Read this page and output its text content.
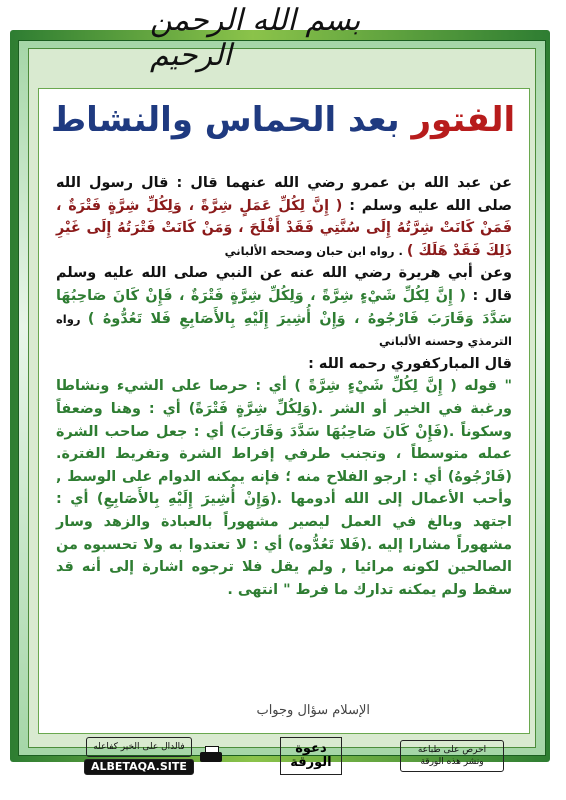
بسم الله الرحمن الرحيم
الفتور بعد الحماس والنشاط

عن عبد الله بن عمرو رضي الله عنهما قال : قال رسول الله صلى الله عليه وسلم : ( إِنَّ لِكُلِّ عَمَلٍ شِرَّةً ، وَلِكُلِّ شِرَّةٍ فَتْرَةٌ ، فَمَنْ كَانَتْ شِرَّتُهُ إِلَى سُنَّتِي فَقَدْ أَفْلَحَ ، وَمَنْ كَانَتْ فَتْرَتُهُ إِلَى غَيْرِ ذَلِكَ فَقَدْ هَلَكَ ) . رواه ابن حبان وصححه الألباني

وعن أبي هريرة رضي الله عنه عن النبي صلى الله عليه وسلم قال : ( إِنَّ لِكُلِّ شَيْءٍ شِرَّةً ، وَلِكُلِّ شِرَّةٍ فَتْرَةٌ ، فَإِنْ كَانَ صَاحِبُهَا سَدَّدَ وَقَارَبَ فَارْجُوهُ ، وَإِنْ أُشِيرَ إِلَيْهِ بِالأَصَابِعِ فَلا تَعُدُّوهُ ) رواه الترمذي وحسنه الألباني

قال المباركفوري رحمه الله :

" قوله ( إِنَّ لِكُلِّ شَيْءٍ شِرَّةً ) أي : حرصا على الشيء ونشاطا ورغبة في الخير أو الشر .(وَلِكُلِّ شِرَّةٍ فَتْرَةً) أي : وهنا وضعفاً وسكوناً .(فَإِنْ كَانَ صَاحِبُهَا سَدَّدَ وَقَارَبَ) أي : جعل صاحب الشرة عمله متوسطاً ، وتجنب طرفي إفراط الشرة وتفريط الفترة. (فَارْجُوهُ) أي : ارجو الفلاح منه ؛ فإنه يمكنه الدوام على الوسط , وأحب الأعمال إلى الله أدومها .(وَإِنْ أُشِيرَ إِلَيْهِ بِالأَصَابِعِ) أي : اجتهد وبالغ في العمل ليصير مشهوراً بالعبادة والزهد وسار مشهوراً مشارا إليه .(فَلا تَعُدُّوه) أي : لا تعتدوا به ولا تحسبوه من الصالحين لكونه مرائيا , ولم يقل فلا ترجوه اشارة إلى أنه قد سقط ولم يمكنه تدارك ما فرط " انتهى .

الإسلام سؤال وجواب
فالدال على الخير كفاعله
ALBETAQA.SITE
دعوة الورقة
احرص على طباعة ونشر هذه الورقة
